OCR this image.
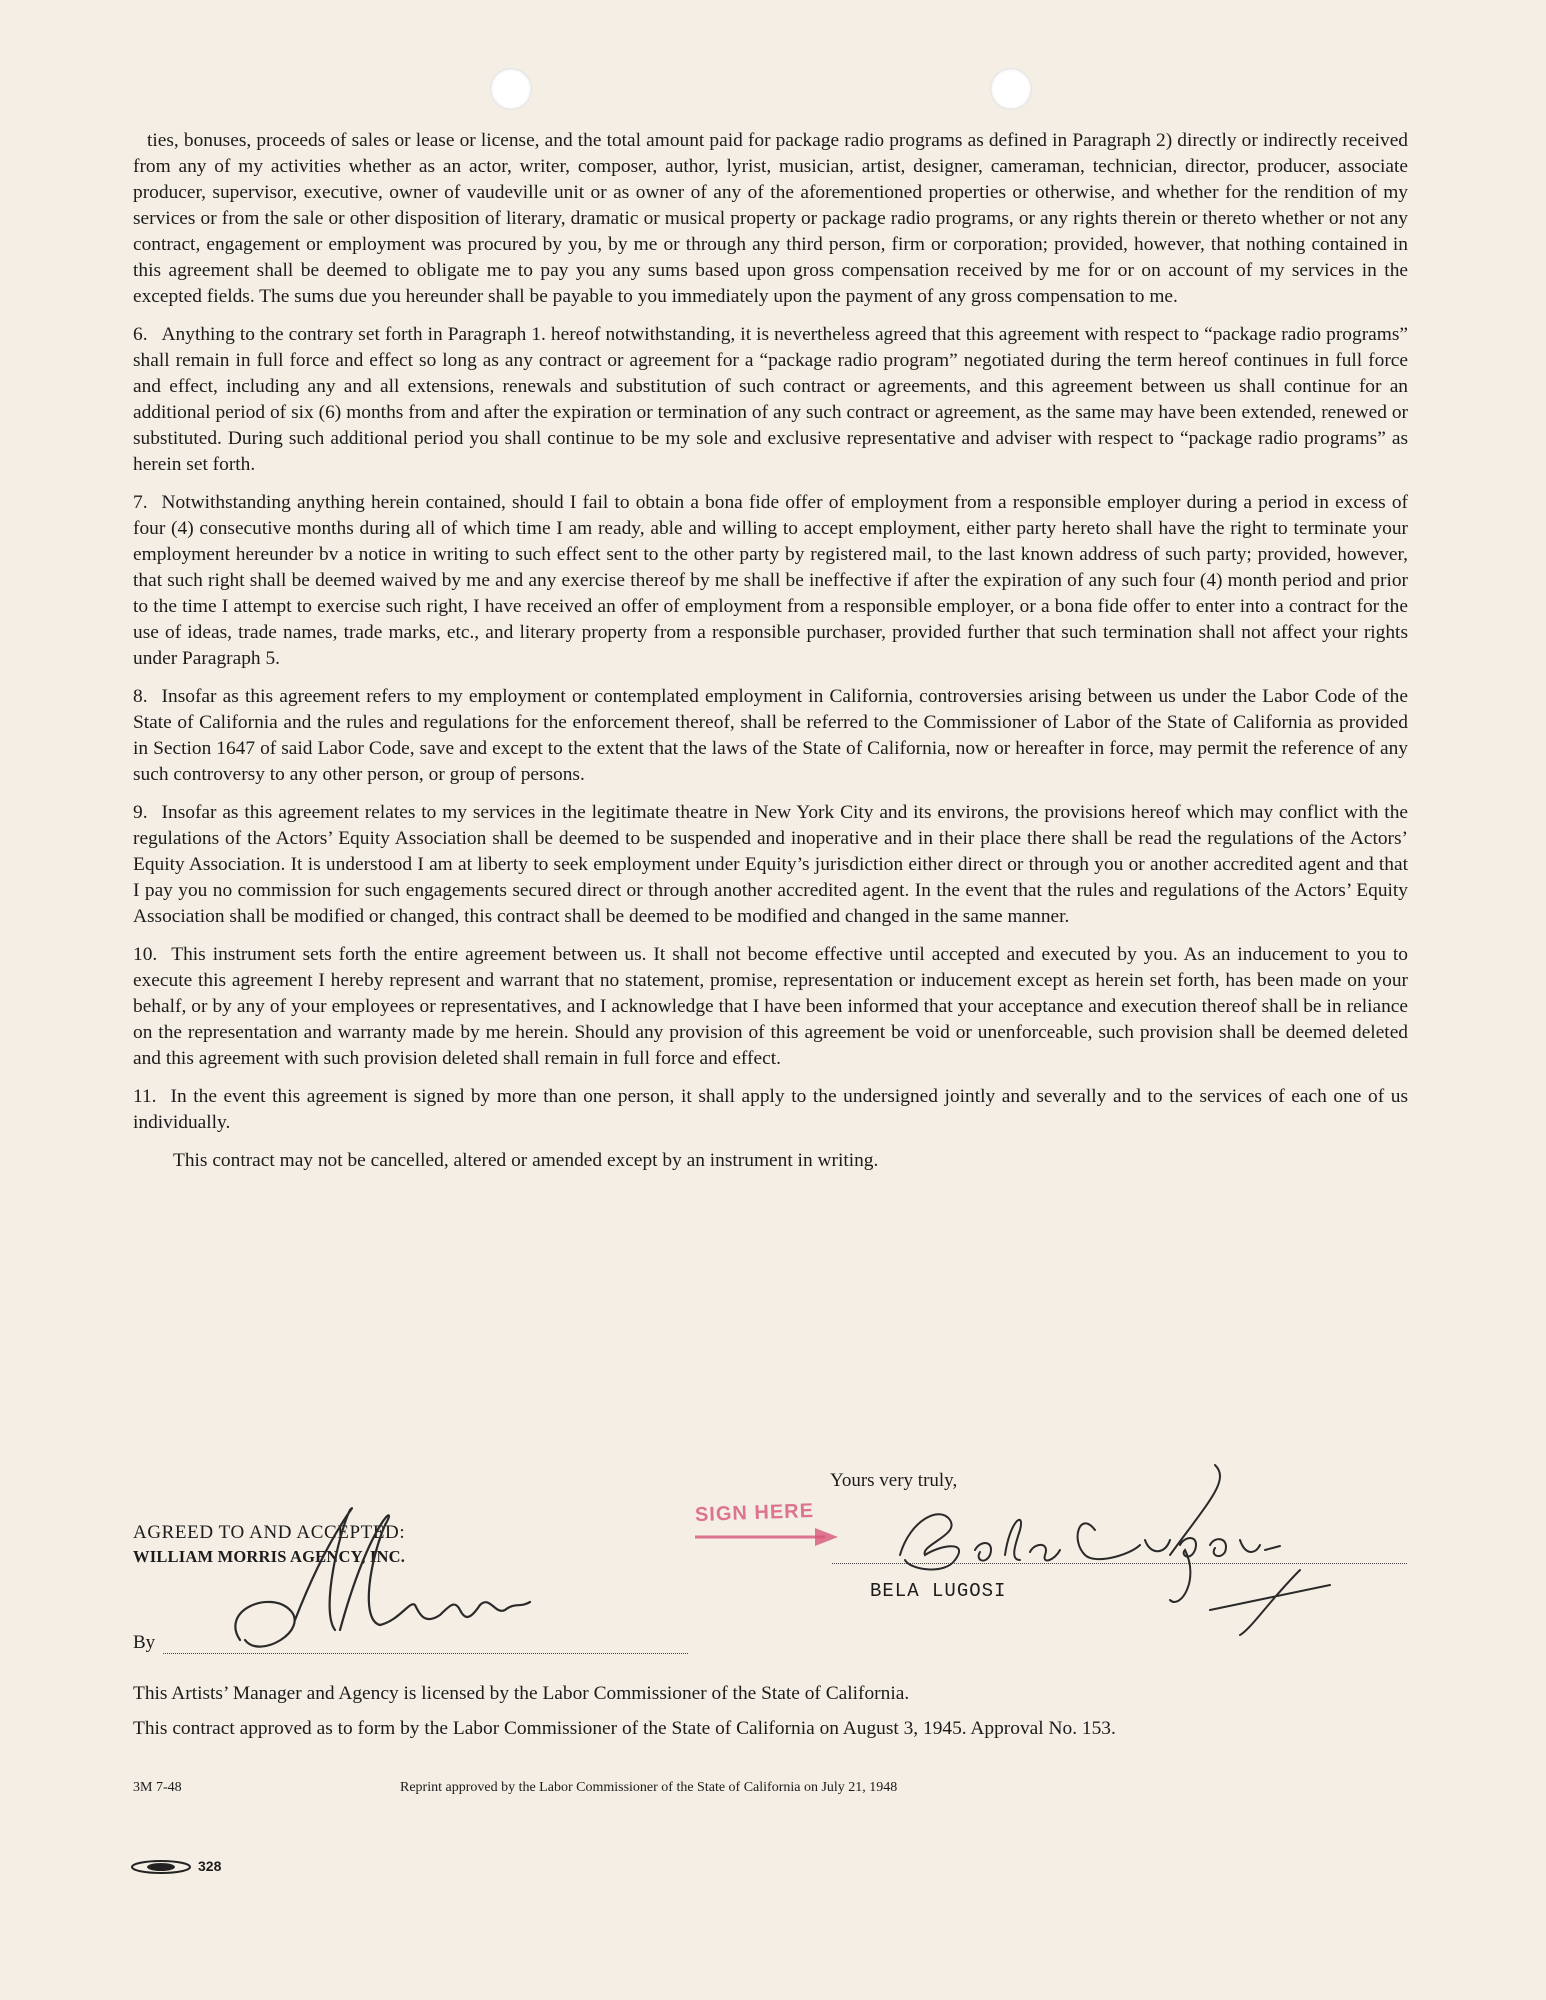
ties, bonuses, proceeds of sales or lease or license, and the total amount paid for package radio programs as defined in Paragraph 2) directly or indirectly received from any of my activities whether as an actor, writer, composer, author, lyrist, musician, artist, designer, cameraman, technician, director, producer, associate producer, supervisor, executive, owner of vaudeville unit or as owner of any of the aforementioned properties or otherwise, and whether for the rendition of my services or from the sale or other disposition of literary, dramatic or musical property or package radio programs, or any rights therein or thereto whether or not any contract, engagement or employment was procured by you, by me or through any third person, firm or corporation; provided, however, that nothing contained in this agreement shall be deemed to obligate me to pay you any sums based upon gross compensation received by me for or on account of my services in the excepted fields. The sums due you hereunder shall be payable to you immediately upon the payment of any gross compensation to me.

6. Anything to the contrary set forth in Paragraph 1. hereof notwithstanding, it is nevertheless agreed that this agreement with respect to “package radio programs” shall remain in full force and effect so long as any contract or agreement for a “package radio program” negotiated during the term hereof continues in full force and effect, including any and all extensions, renewals and substitution of such contract or agreements, and this agreement between us shall continue for an additional period of six (6) months from and after the expiration or termination of any such contract or agreement, as the same may have been extended, renewed or substituted. During such additional period you shall continue to be my sole and exclusive representative and adviser with respect to “package radio programs” as herein set forth.

7. Notwithstanding anything herein contained, should I fail to obtain a bona fide offer of employment from a responsible employer during a period in excess of four (4) consecutive months during all of which time I am ready, able and willing to accept employment, either party hereto shall have the right to terminate your employment hereunder bv a notice in writing to such effect sent to the other party by registered mail, to the last known address of such party; provided, however, that such right shall be deemed waived by me and any exercise thereof by me shall be ineffective if after the expiration of any such four (4) month period and prior to the time I attempt to exercise such right, I have received an offer of employment from a responsible employer, or a bona fide offer to enter into a contract for the use of ideas, trade names, trade marks, etc., and literary property from a responsible purchaser, provided further that such termination shall not affect your rights under Paragraph 5.

8. Insofar as this agreement refers to my employment or contemplated employment in California, controversies arising between us under the Labor Code of the State of California and the rules and regulations for the enforcement thereof, shall be referred to the Commissioner of Labor of the State of California as provided in Section 1647 of said Labor Code, save and except to the extent that the laws of the State of California, now or hereafter in force, may permit the reference of any such controversy to any other person, or group of persons.

9. Insofar as this agreement relates to my services in the legitimate theatre in New York City and its environs, the provisions hereof which may conflict with the regulations of the Actors’ Equity Association shall be deemed to be suspended and inoperative and in their place there shall be read the regulations of the Actors’ Equity Association. It is understood I am at liberty to seek employment under Equity’s jurisdiction either direct or through you or another accredited agent and that I pay you no commission for such engagements secured direct or through another accredited agent. In the event that the rules and regulations of the Actors’ Equity Association shall be modified or changed, this contract shall be deemed to be modified and changed in the same manner.

10. This instrument sets forth the entire agreement between us. It shall not become effective until accepted and executed by you. As an inducement to you to execute this agreement I hereby represent and warrant that no statement, promise, representation or inducement except as herein set forth, has been made on your behalf, or by any of your employees or representatives, and I acknowledge that I have been informed that your acceptance and execution thereof shall be in reliance on the representation and warranty made by me herein. Should any provision of this agreement be void or unenforceable, such provision shall be deemed deleted and this agreement with such provision deleted shall remain in full force and effect.

11. In the event this agreement is signed by more than one person, it shall apply to the undersigned jointly and severally and to the services of each one of us individually.

This contract may not be cancelled, altered or amended except by an instrument in writing.

Yours very truly,
AGREED TO AND ACCEPTED:
WILLIAM MORRIS AGENCY, INC.
By
SIGN HERE
BELA LUGOSI
This Artists’ Manager and Agency is licensed by the Labor Commissioner of the State of California.
This contract approved as to form by the Labor Commissioner of the State of California on August 3, 1945. Approval No. 153.
3M 7-48	Reprint approved by the Labor Commissioner of the State of California on July 21, 1948
328
